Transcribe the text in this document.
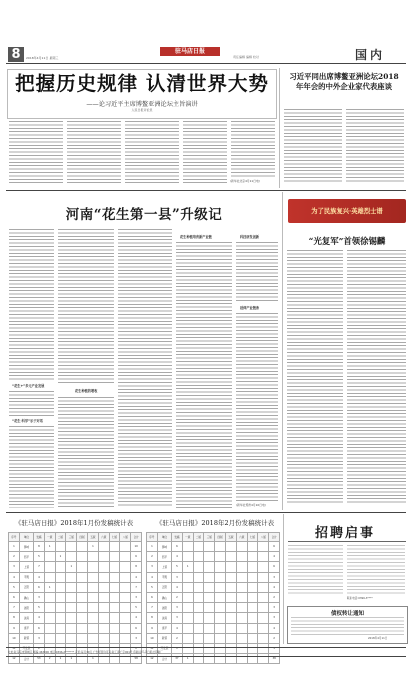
8	2018年4月11日 星期三
驻马店日报
责任编辑 编辑 校对	国内
把握历史规律 认清世界大势
——论习近平主席博鳌亚洲论坛主旨演讲
人民日报评论员
(新华社北京4月11日电)
习近平同出席博鳌亚洲论坛2018年年会的中外企业家代表座谈
河南“花生第一县”升级记
“花生+”多元产业发展
“花生·科学”乐于对话
花生种植的增收
花生种植培育新产业链	科技研发创新
延伸产业链条
(新华社郑州4月10日电)
为了民族复兴·英雄烈士谱
“光复军”首领徐锡麟
《驻马店日报》2018年1月份发稿统计表	《驻马店日报》2018年2月份发稿统计表
序号	单位	发稿	一版	二版	三版	四版	五版	六版	七版	八版	合计
1	驿城	8	1				1				10
2	西平	5		1							6
3	上蔡	7			1						8
4	平舆	4									4
5	正阳	6	1								7
6	确山	3									3
7	泌阳	5									5
8	汝南	4									4
9	遂平	6									6
10	新蔡	3									3
11	开发区	2									2
12	合计	53	2	1	1		1				58
序号	单位	发稿	一版	二版	三版	四版	五版	六版	七版	八版	合计
1	驿城	6									6
2	西平	4									4
3	上蔡	5	1								6
4	平舆	3									3
5	正阳	4									4
6	确山	2									2
7	泌阳	3									3
8	汝南	3									3
9	遂平	4									4
10	新蔡	2									2
11	开发区	1									1
12	合计	37	1								38
招聘启事
联系电话:0396-3****
债权转让通知
2018年4月11日
社址:驻马店市驿城区 邮编:463000 电话:0396-2******* 定价:每月30元 广告经营许可证:驻工商广字001号 印刷:驻马店日报社印刷厂
